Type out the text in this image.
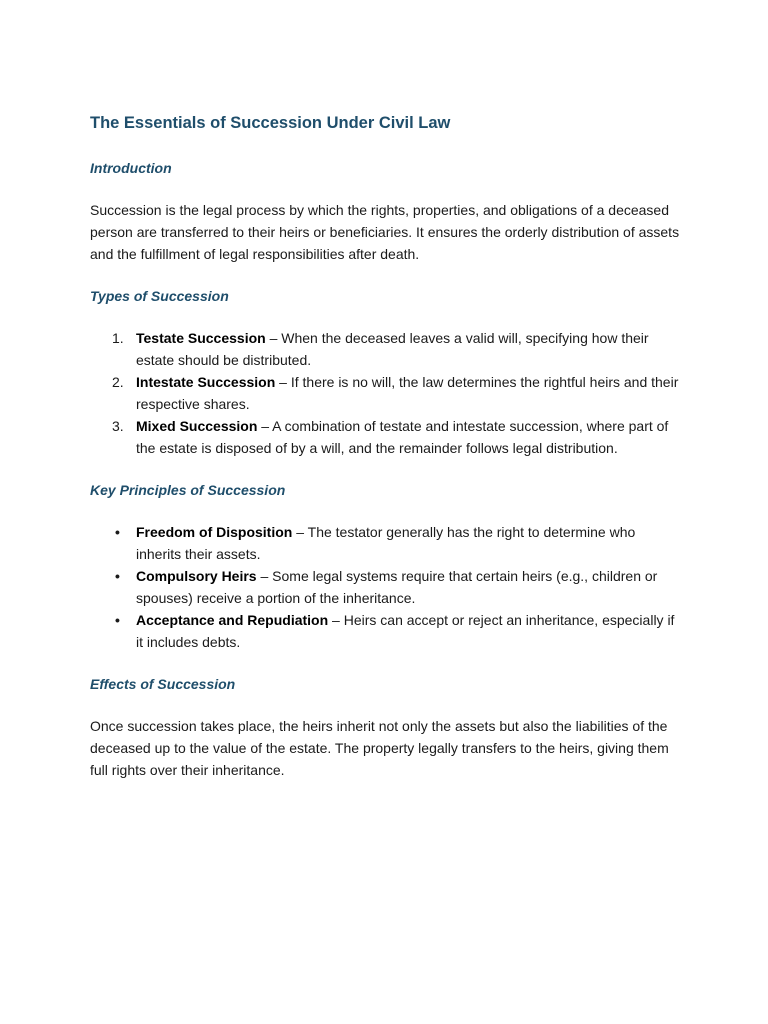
The Essentials of Succession Under Civil Law
Introduction

Succession is the legal process by which the rights, properties, and obligations of a deceased person are transferred to their heirs or beneficiaries. It ensures the orderly distribution of assets and the fulfillment of legal responsibilities after death.

Types of Succession
1. Testate Succession – When the deceased leaves a valid will, specifying how their estate should be distributed.
2. Intestate Succession – If there is no will, the law determines the rightful heirs and their respective shares.
3. Mixed Succession – A combination of testate and intestate succession, where part of the estate is disposed of by a will, and the remainder follows legal distribution.
Key Principles of Succession
• Freedom of Disposition – The testator generally has the right to determine who inherits their assets.
• Compulsory Heirs – Some legal systems require that certain heirs (e.g., children or spouses) receive a portion of the inheritance.
• Acceptance and Repudiation – Heirs can accept or reject an inheritance, especially if it includes debts.
Effects of Succession

Once succession takes place, the heirs inherit not only the assets but also the liabilities of the deceased up to the value of the estate. The property legally transfers to the heirs, giving them full rights over their inheritance.
